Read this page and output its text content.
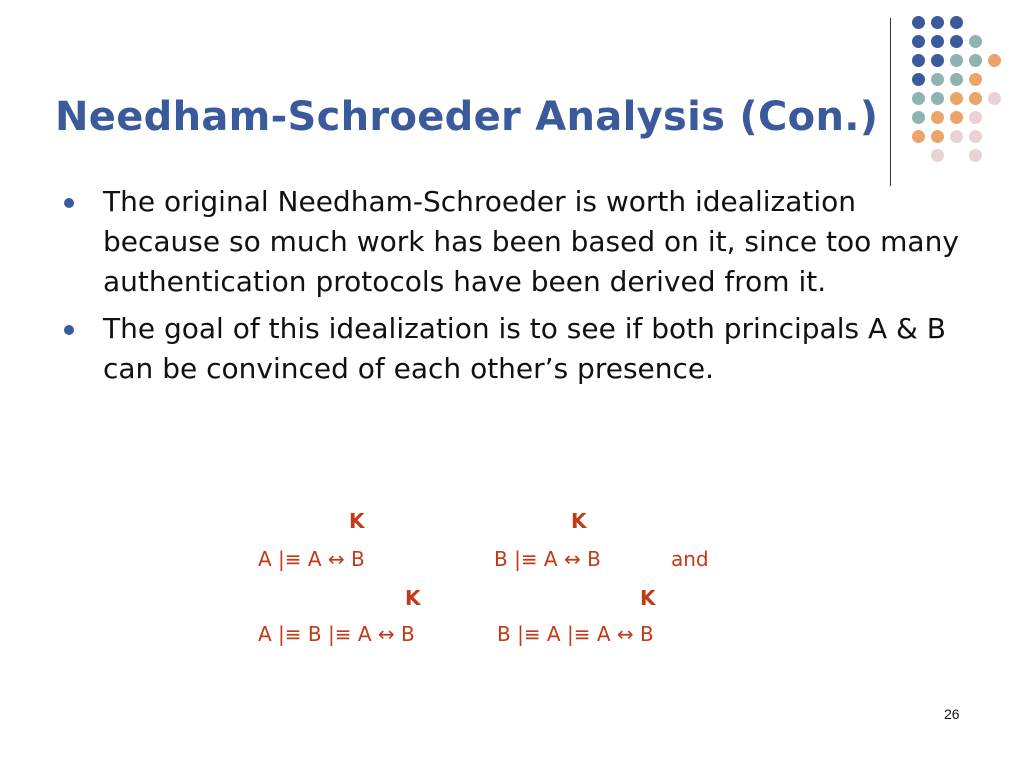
Needham-Schroeder Analysis (Con.)
The original Needham-Schroeder is worth idealization because so much work has been based on it, since too many authentication protocols have been derived from it.
The goal of this idealization is to see if both principals A & B can be convinced of each other’s presence.
K	K
A |≡ A ↔ B	B |≡ A ↔ B	and
K	K
A |≡ B |≡ A ↔ B	B |≡ A |≡ A ↔ B
26
